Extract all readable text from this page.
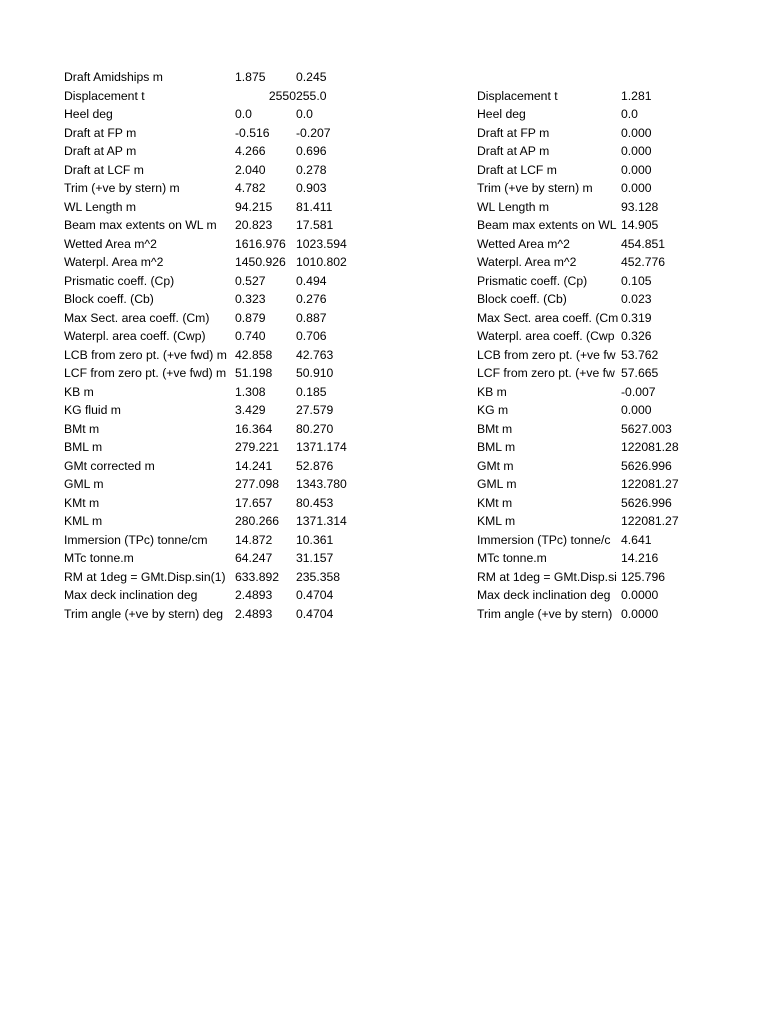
Draft Amidships m	1.875	0.245
Displacement t	2550 255.0
Heel deg	0.0	0.0
Draft at FP m	-0.516	-0.207
Draft at AP m	4.266	0.696
Draft at LCF m	2.040	0.278
Trim (+ve by stern) m	4.782	0.903
WL Length m	94.215	81.411
Beam max extents on WL m	20.823	17.581
Wetted Area m^2	1616.976 1023.594
Waterpl. Area m^2	1450.926 1010.802
Prismatic coeff. (Cp)	0.527	0.494
Block coeff. (Cb)	0.323	0.276
Max Sect. area coeff. (Cm)	0.879	0.887
Waterpl. area coeff. (Cwp)	0.740	0.706
LCB from zero pt. (+ve fwd) m 42.858	42.763
LCF from zero pt. (+ve fwd) m 51.198	50.910
KB m	1.308	0.185
KG fluid m	3.429	27.579
BMt m	16.364	80.270
BML m	279.221	1371.174
GMt corrected m	14.241	52.876
GML m	277.098	1343.780
KMt m	17.657	80.453
KML m	280.266	1371.314
Immersion (TPc) tonne/cm	14.872	10.361
MTc tonne.m	64.247	31.157
RM at 1deg = GMt.Disp.sin(1) 633.892	235.358
Max deck inclination deg	2.4893	0.4704
Trim angle (+ve by stern) deg 2.4893	0.4704
Displacement t	1.281
Heel deg	0.0
Draft at FP m	0.000
Draft at AP m	0.000
Draft at LCF m	0.000
Trim (+ve by stern) m	0.000
WL Length m	93.128
Beam max extents on WL 14.905
Wetted Area m^2	454.851
Waterpl. Area m^2	452.776
Prismatic coeff. (Cp)	0.105
Block coeff. (Cb)	0.023
Max Sect. area coeff. (Cm 0.319
Waterpl. area coeff. (Cwp 0.326
LCB from zero pt. (+ve fw 53.762
LCF from zero pt. (+ve fw 57.665
KB m	-0.007
KG m	0.000
BMt m	5627.003
BML m	122081.28
GMt m	5626.996
GML m	122081.27
KMt m	5626.996
KML m	122081.27
Immersion (TPc) tonne/c 4.641
MTc tonne.m	14.216
RM at 1deg = GMt.Disp.si 125.796
Max deck inclination deg 0.0000
Trim angle (+ve by stern) 0.0000
